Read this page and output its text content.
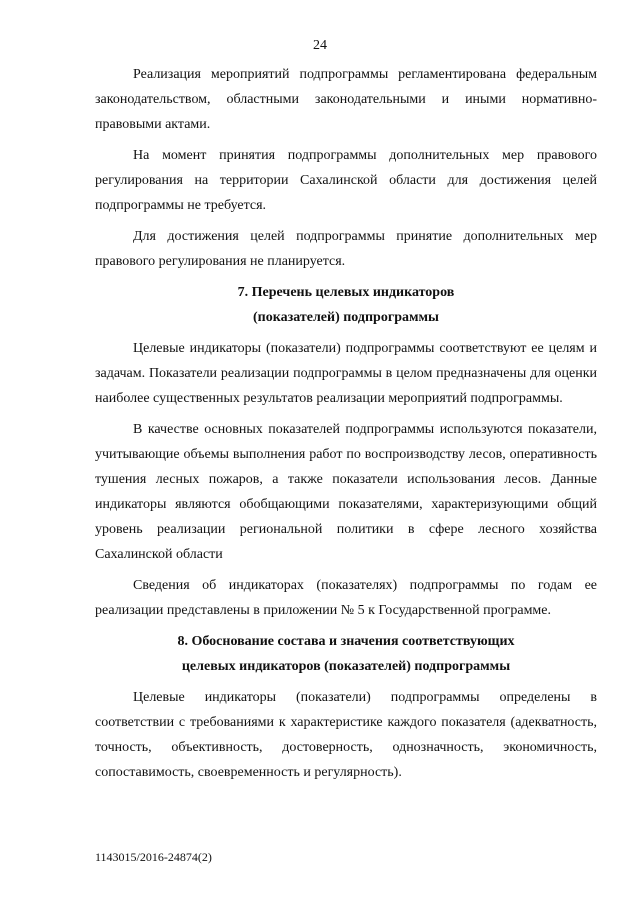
24

Реализация мероприятий подпрограммы регламентирована федеральным законодательством, областными законодательными и иными нормативно-правовыми актами.

На момент принятия подпрограммы дополнительных мер правового регулирования на территории Сахалинской области для достижения целей подпрограммы не требуется.

Для достижения целей подпрограммы принятие дополнительных мер правового регулирования не планируется.

7. Перечень целевых индикаторов
(показателей) подпрограммы

Целевые индикаторы (показатели) подпрограммы соответствуют ее целям и задачам. Показатели реализации подпрограммы в целом предназначены для оценки наиболее существенных результатов реализации мероприятий подпрограммы.

В качестве основных показателей подпрограммы используются показатели, учитывающие объемы выполнения работ по воспроизводству лесов, оперативность тушения лесных пожаров, а также показатели использования лесов. Данные индикаторы являются обобщающими показателями, характеризующими общий уровень реализации региональной политики в сфере лесного хозяйства Сахалинской области

Сведения об индикаторах (показателях) подпрограммы по годам ее реализации представлены в приложении № 5 к Государственной программе.

8. Обоснование состава и значения соответствующих
целевых индикаторов (показателей) подпрограммы

Целевые индикаторы (показатели) подпрограммы определены в соответствии с требованиями к характеристике каждого показателя (адекватность, точность, объективность, достоверность, однозначность, экономичность, сопоставимость, своевременность и регулярность).

1143015/2016-24874(2)
